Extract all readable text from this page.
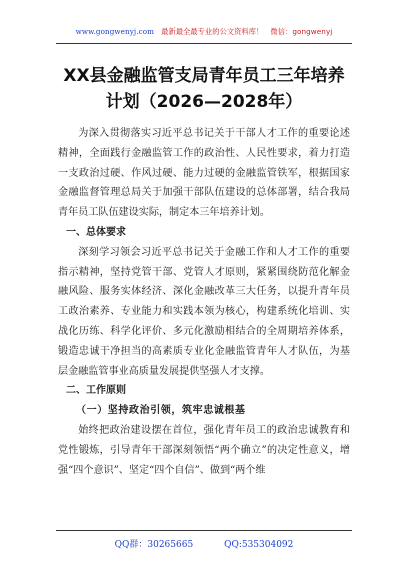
www.gongwenyj.com 最新最全最专业的公文资料库！ 微信：gongwenyj
XX县金融监管支局青年员工三年培养计划（2026—2028年）

为深入贯彻落实习近平总书记关于干部人才工作的重要论述精神，全面践行金融监管工作的政治性、人民性要求，着力打造一支政治过硬、作风过硬、能力过硬的金融监管铁军，根据国家金融监督管理总局关于加强干部队伍建设的总体部署，结合我局青年员工队伍建设实际，制定本三年培养计划。

一、总体要求

深刻学习领会习近平总书记关于金融工作和人才工作的重要指示精神，坚持党管干部、党管人才原则，紧紧围绕防范化解金融风险、服务实体经济、深化金融改革三大任务，以提升青年员工政治素养、专业能力和实践本领为核心，构建系统化培训、实战化历练、科学化评价、多元化激励相结合的全周期培养体系，锻造忠诚干净担当的高素质专业化金融监管青年人才队伍，为基层金融监管事业高质量发展提供坚强人才支撑。

二、工作原则

（一）坚持政治引领，筑牢忠诚根基

始终把政治建设摆在首位，强化青年员工的政治忠诚教育和党性锻炼，引导青年干部深刻领悟“两个确立”的决定性意义，增强“四个意识”、坚定“四个自信”、做到“两个维

QQ群：30265665	QQ:535304092
